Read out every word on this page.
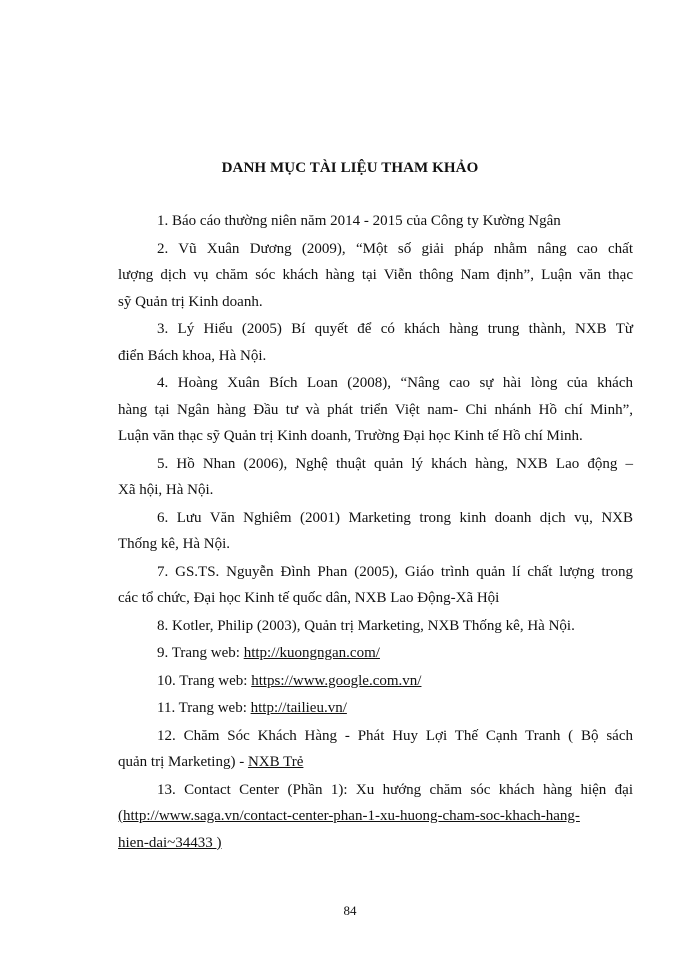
DANH MỤC TÀI LIỆU THAM KHẢO

1. Báo cáo thường niên năm 2014 - 2015 của Công ty Kường Ngân

2. Vũ Xuân Dương (2009), “Một số giải pháp nhằm nâng cao chất
lượng dịch vụ chăm sóc khách hàng tại Viễn thông Nam định”, Luận văn thạc
sỹ Quản trị Kinh doanh.

3. Lý Hiểu (2005) Bí quyết để có khách hàng trung thành, NXB Từ
điển Bách khoa, Hà Nội.

4. Hoàng Xuân Bích Loan (2008), “Nâng cao sự hài lòng của khách
hàng tại Ngân hàng Đầu tư và phát triển Việt nam- Chi nhánh Hồ chí Minh”,
Luận văn thạc sỹ Quản trị Kinh doanh, Trường Đại học Kinh tế Hồ chí Minh.

5. Hồ Nhan (2006), Nghệ thuật quản lý khách hàng, NXB Lao động –
Xã hội, Hà Nội.

6. Lưu Văn Nghiêm (2001) Marketing trong kinh doanh dịch vụ, NXB
Thống kê, Hà Nội.

7. GS.TS. Nguyễn Đình Phan (2005), Giáo trình quản lí chất lượng trong
các tổ chức, Đại học Kinh tế quốc dân, NXB Lao Động-Xã Hội

8. Kotler, Philip (2003), Quản trị Marketing, NXB Thống kê, Hà Nội.

9. Trang web: http://kuongngan.com/

10. Trang web: https://www.google.com.vn/

11. Trang web: http://tailieu.vn/

12. Chăm Sóc Khách Hàng - Phát Huy Lợi Thế Cạnh Tranh ( Bộ sách
quản trị Marketing) - NXB Trẻ

13. Contact Center (Phần 1): Xu hướng chăm sóc khách hàng hiện đại
(http://www.saga.vn/contact-center-phan-1-xu-huong-cham-soc-khach-hang-
hien-dai~34433 )

84
